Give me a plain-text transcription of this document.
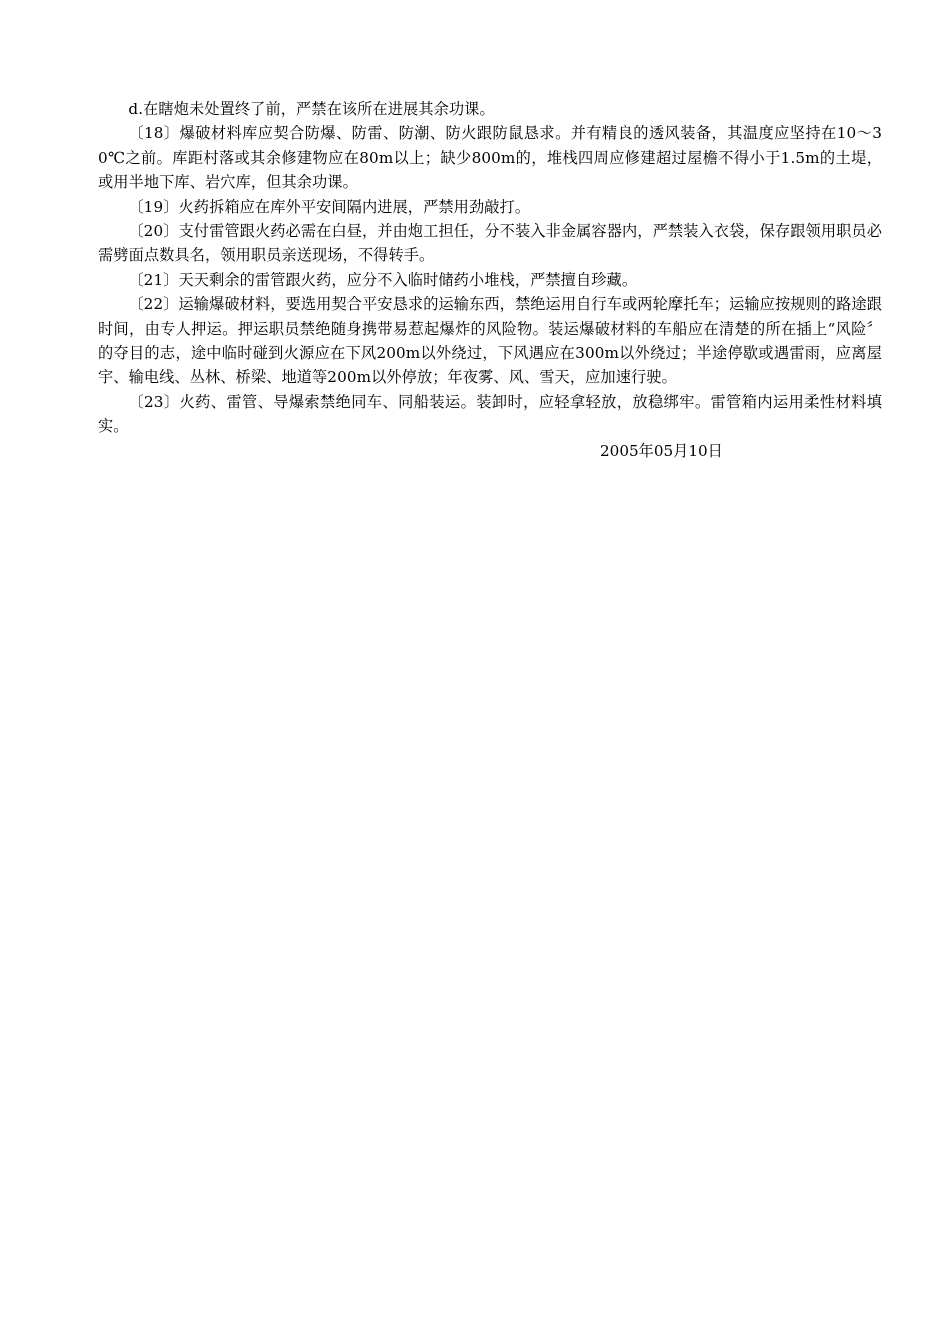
d.在瞎炮未处置终了前，严禁在该所在进展其余功课。

〔18〕爆破材料库应契合防爆、防雷、防潮、防火跟防鼠恳求。并有精良的透风装备，其温度应坚持在10～30℃之前。库距村落或其余修建物应在80m以上；缺少800m的，堆栈四周应修建超过屋檐不得小于1.5m的土堤，或用半地下库、岩穴库，但其余功课。

〔19〕火药拆箱应在库外平安间隔内进展，严禁用劲敲打。

〔20〕支付雷管跟火药必需在白昼，并由炮工担任，分不装入非金属容器内，严禁装入衣袋，保存跟领用职员必需劈面点数具名，领用职员亲送现场，不得转手。

〔21〕天天剩余的雷管跟火药，应分不入临时储药小堆栈，严禁擅自珍藏。

〔22〕运输爆破材料，要选用契合平安恳求的运输东西，禁绝运用自行车或两轮摩托车；运输应按规则的路途跟时间，由专人押运。押运职员禁绝随身携带易惹起爆炸的风险物。装运爆破材料的车船应在清楚的所在插上“风险〞的夺目的志，途中临时碰到火源应在下风200m以外绕过，下风遇应在300m以外绕过；半途停歇或遇雷雨，应离屋宇、输电线、丛林、桥梁、地道等200m以外停放；年夜雾、风、雪天，应加速行驶。

〔23〕火药、雷管、导爆索禁绝同车、同船装运。装卸时，应轻拿轻放，放稳绑牢。雷管箱内运用柔性材料填实。

2005年05月10日
